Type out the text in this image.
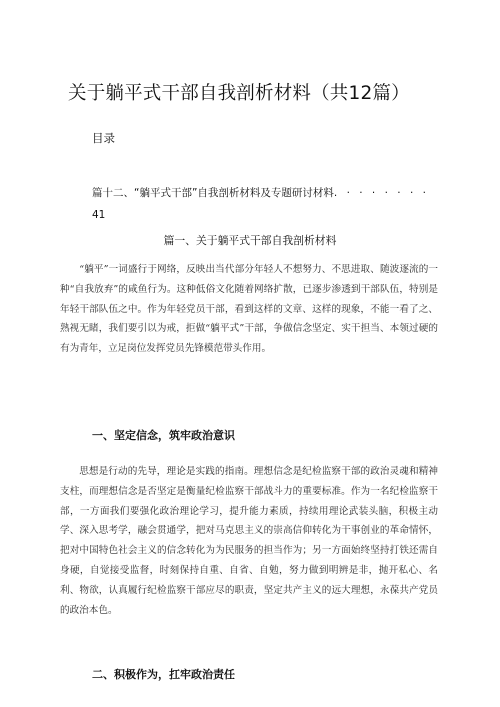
关于躺平式干部自我剖析材料（共12篇）
目录
篇十二、“躺平式干部”自我剖析材料及专题研讨材料. · · · · · · ·
41
篇一、关于躺平式干部自我剖析材料
“躺平”一词盛行于网络，反映出当代部分年轻人不想努力、不思进取、随波逐流的一种“自我放弃”的咸鱼行为。这种低俗文化随着网络扩散，已逐步渗透到干部队伍，特别是年轻干部队伍之中。作为年轻党员干部，看到这样的文章、这样的现象，不能一看了之、熟视无睹，我们要引以为戒，拒做“躺平式”干部，争做信念坚定、实干担当、本领过硬的有为青年，立足岗位发挥党员先锋模范带头作用。
一、坚定信念，筑牢政治意识
思想是行动的先导，理论是实践的指南。理想信念是纪检监察干部的政治灵魂和精神支柱，而理想信念是否坚定是衡量纪检监察干部战斗力的重要标准。作为一名纪检监察干部，一方面我们要强化政治理论学习，提升能力素质，持续用理论武装头脑，积极主动学、深入思考学，融会贯通学，把对马克思主义的崇高信仰转化为干事创业的革命情怀，把对中国特色社会主义的信念转化为为民服务的担当作为；另一方面始终坚持打铁还需自身硬，自觉接受监督，时刻保持自重、自省、自勉，努力做到明辨是非，抛开私心、名利、物欲，认真履行纪检监察干部应尽的职责，坚定共产主义的远大理想，永葆共产党员的政治本色。
二、积极作为，扛牢政治责任
